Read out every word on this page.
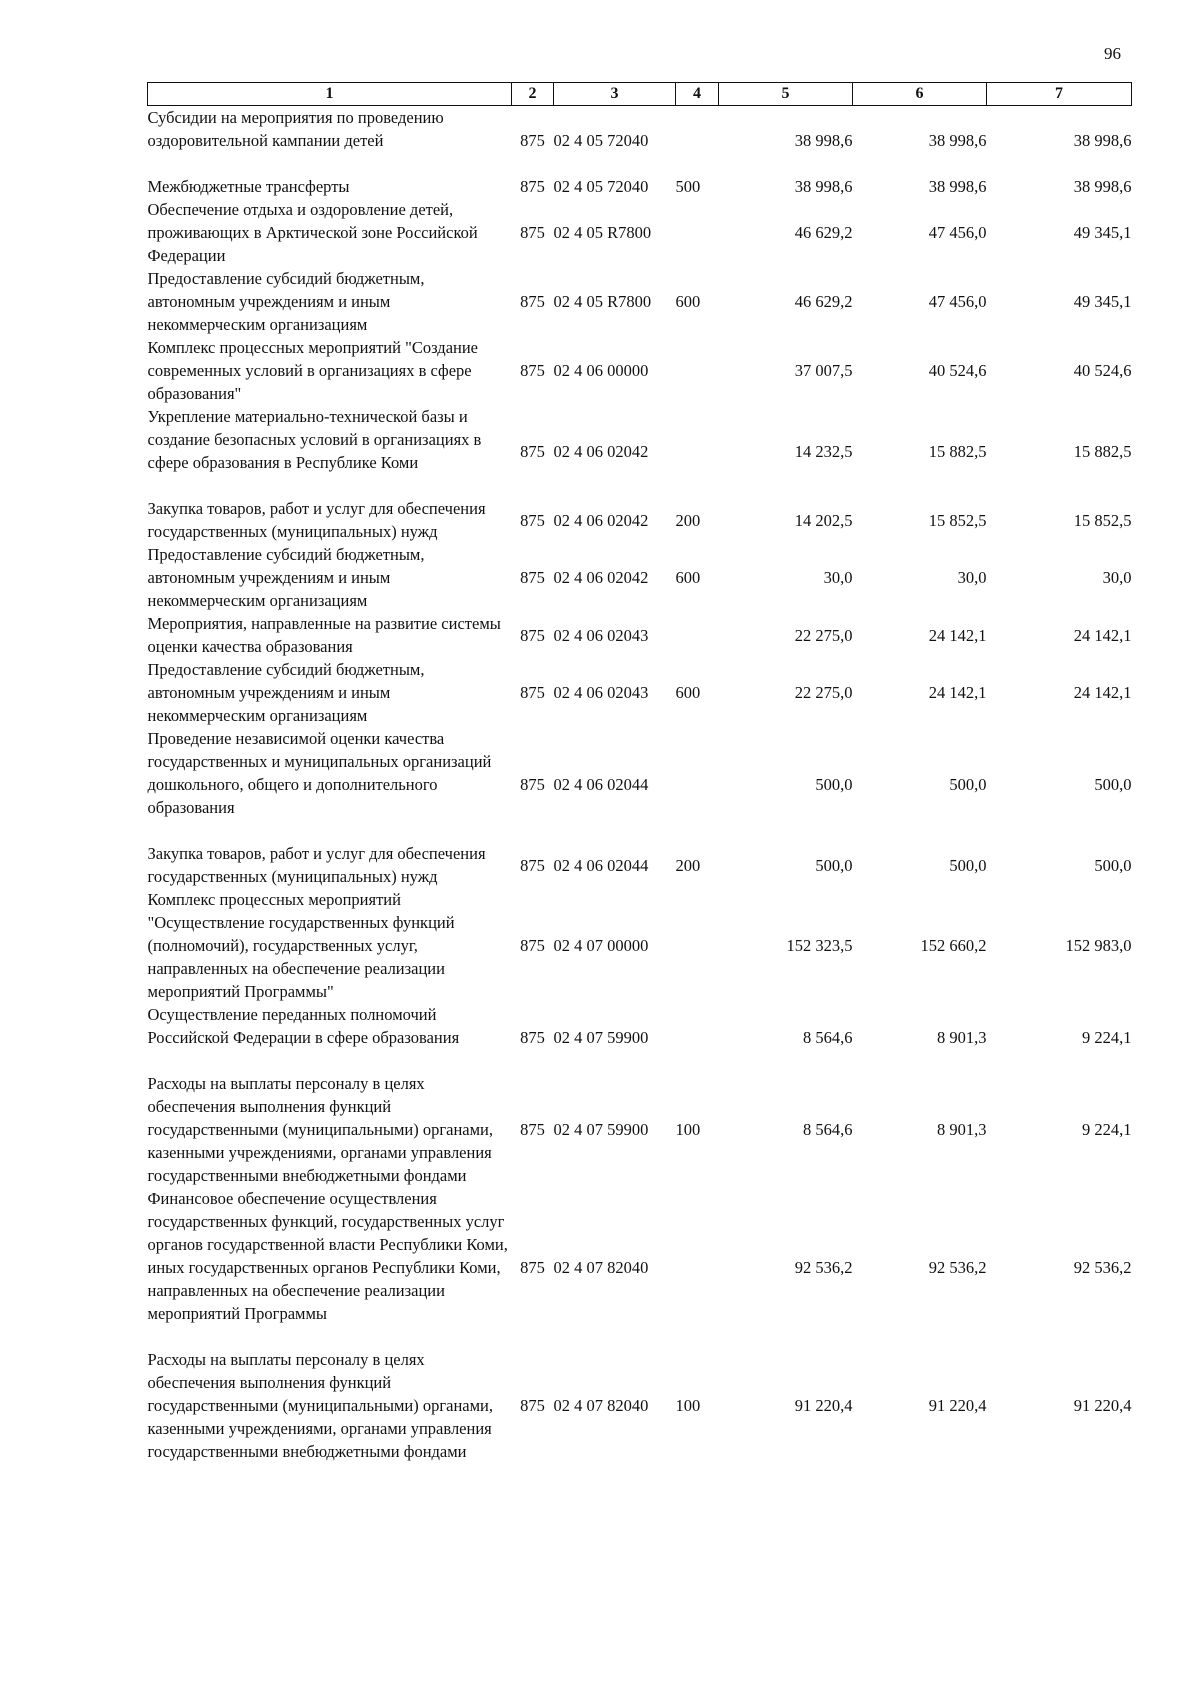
96
1	2	3	4	5	6	7
Субсидии на мероприятия по проведению оздоровительной кампании детей	875	02 4 05 72040		38 998,6	38 998,6	38 998,6
Межбюджетные трансферты	875	02 4 05 72040	500	38 998,6	38 998,6	38 998,6
Обеспечение отдыха и оздоровление детей, проживающих в Арктической зоне Российской Федерации	875	02 4 05 R7800		46 629,2	47 456,0	49 345,1
Предоставление субсидий бюджетным, автономным учреждениям и иным некоммерческим организациям	875	02 4 05 R7800	600	46 629,2	47 456,0	49 345,1
Комплекс процессных мероприятий "Создание современных условий в организациях в сфере образования"	875	02 4 06 00000		37 007,5	40 524,6	40 524,6
Укрепление материально-технической базы и создание безопасных условий в организациях в сфере образования в Республике Коми	875	02 4 06 02042		14 232,5	15 882,5	15 882,5
Закупка товаров, работ и услуг для обеспечения государственных (муниципальных) нужд	875	02 4 06 02042	200	14 202,5	15 852,5	15 852,5
Предоставление субсидий бюджетным, автономным учреждениям и иным некоммерческим организациям	875	02 4 06 02042	600	30,0	30,0	30,0
Мероприятия, направленные на развитие системы оценки качества образования	875	02 4 06 02043		22 275,0	24 142,1	24 142,1
Предоставление субсидий бюджетным, автономным учреждениям и иным некоммерческим организациям	875	02 4 06 02043	600	22 275,0	24 142,1	24 142,1
Проведение независимой оценки качества государственных и муниципальных организаций дошкольного, общего и дополнительного образования	875	02 4 06 02044		500,0	500,0	500,0
Закупка товаров, работ и услуг для обеспечения государственных (муниципальных) нужд	875	02 4 06 02044	200	500,0	500,0	500,0
Комплекс процессных мероприятий "Осуществление государственных функций (полномочий), государственных услуг, направленных на обеспечение реализации мероприятий Программы"	875	02 4 07 00000		152 323,5	152 660,2	152 983,0
Осуществление переданных полномочий Российской Федерации в сфере образования	875	02 4 07 59900		8 564,6	8 901,3	9 224,1
Расходы на выплаты персоналу в целях обеспечения выполнения функций государственными (муниципальными) органами, казенными учреждениями, органами управления государственными внебюджетными фондами	875	02 4 07 59900	100	8 564,6	8 901,3	9 224,1
Финансовое обеспечение осуществления государственных функций, государственных услуг органов государственной власти Республики Коми, иных государственных органов Республики Коми, направленных на обеспечение реализации мероприятий Программы	875	02 4 07 82040		92 536,2	92 536,2	92 536,2
Расходы на выплаты персоналу в целях обеспечения выполнения функций государственными (муниципальными) органами, казенными учреждениями, органами управления государственными внебюджетными фондами	875	02 4 07 82040	100	91 220,4	91 220,4	91 220,4
